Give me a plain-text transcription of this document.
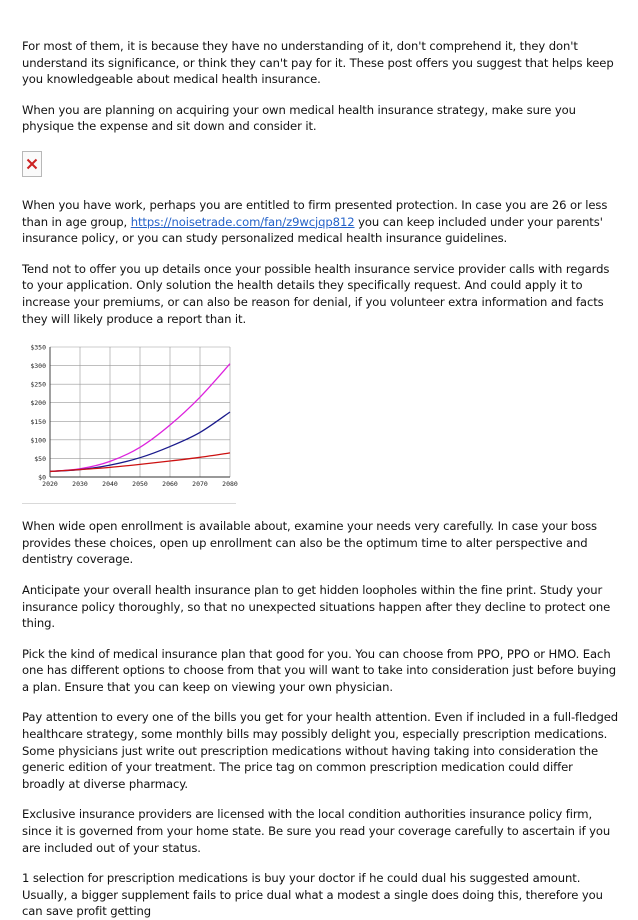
For most of them, it is because they have no understanding of it, don't comprehend it, they don't understand its significance, or think they can't pay for it. These post offers you suggest that helps keep you knowledgeable about medical health insurance.

When you are planning on acquiring your own medical health insurance strategy, make sure you physique the expense and sit down and consider it.

When you have work, perhaps you are entitled to firm presented protection. In case you are 26 or less than in age group, https://noisetrade.com/fan/z9wcjqp812 you can keep included under your parents' insurance policy, or you can study personalized medical health insurance guidelines.

Tend not to offer you up details once your possible health insurance service provider calls with regards to your application. Only solution the health details they specifically request. And could apply it to increase your premiums, or can also be reason for denial, if you volunteer extra information and facts they will likely produce a report than it.

$0
$50
$100
$150
$200
$250
$300
$350
2020 2030 2040 2050 2060 2070 2080

When wide open enrollment is available about, examine your needs very carefully. In case your boss provides these choices, open up enrollment can also be the optimum time to alter perspective and dentistry coverage.

Anticipate your overall health insurance plan to get hidden loopholes within the fine print. Study your insurance policy thoroughly, so that no unexpected situations happen after they decline to protect one thing.

Pick the kind of medical insurance plan that good for you. You can choose from PPO, PPO or HMO. Each one has different options to choose from that you will want to take into consideration just before buying a plan. Ensure that you can keep on viewing your own physician.

Pay attention to every one of the bills you get for your health attention. Even if included in a full-fledged healthcare strategy, some monthly bills may possibly delight you, especially prescription medications. Some physicians just write out prescription medications without having taking into consideration the generic edition of your treatment. The price tag on common prescription medication could differ broadly at diverse pharmacy.

Exclusive insurance providers are licensed with the local condition authorities insurance policy firm, since it is governed from your home state. Be sure you read your coverage carefully to ascertain if you are included out of your status.

1 selection for prescription medications is buy your doctor if he could dual his suggested amount. Usually, a bigger supplement fails to price dual what a modest a single does doing this, therefore you can save profit getting
